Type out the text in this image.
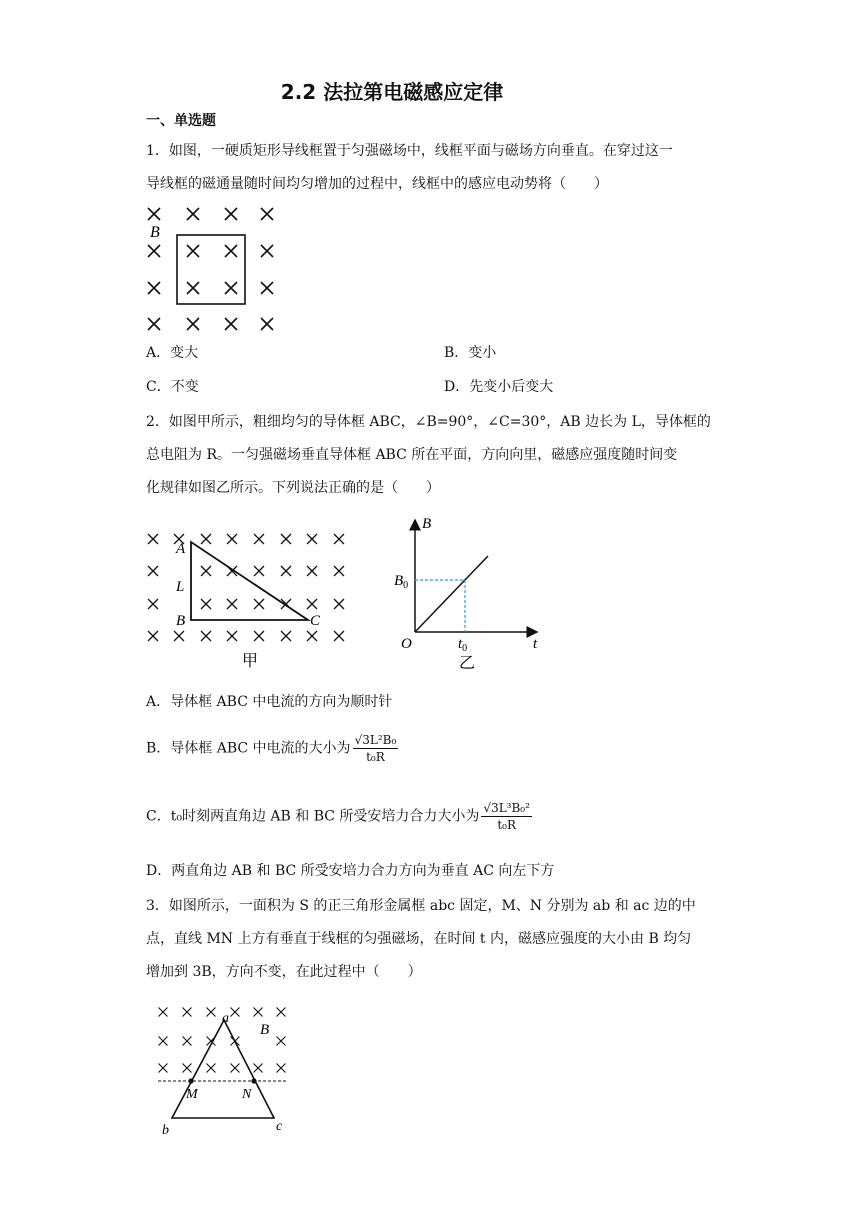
2.2 法拉第电磁感应定律
一、单选题
1．如图，一硬质矩形导线框置于匀强磁场中，线框平面与磁场方向垂直。在穿过这一
导线框的磁通量随时间均匀增加的过程中，线框中的感应电动势将（　　）
B
A．变大	B．变小
C．不变	D．先变小后变大
2．如图甲所示，粗细均匀的导体框 ABC，∠B=90°，∠C=30°，AB 边长为 L，导体框的
总电阻为 R。一匀强磁场垂直导体框 ABC 所在平面，方向向里，磁感应强度随时间变
化规律如图乙所示。下列说法正确的是（　　）
A
L
B	C
甲
B
t
O
$B_0$
$t_0$
乙
A．导体框 ABC 中电流的方向为顺时针
B．导体框 ABC 中电流的大小为 $\frac{\text{√3L²B₀}}{\text{t₀R}}$
C．t₀时刻两直角边 AB 和 BC 所受安培力合力大小为 $\frac{\text{√3L³B₀²}}{\text{t₀R}}$
D．两直角边 AB 和 BC 所受安培力合力方向为垂直 AC 向左下方
3．如图所示，一面积为 S 的正三角形金属框 abc 固定，M、N 分别为 ab 和 ac 边的中
点，直线 MN 上方有垂直于线框的匀强磁场，在时间 t 内，磁感应强度的大小由 B 均匀
增加到 3B，方向不变，在此过程中（　　）
a
B
M	N
b	c
